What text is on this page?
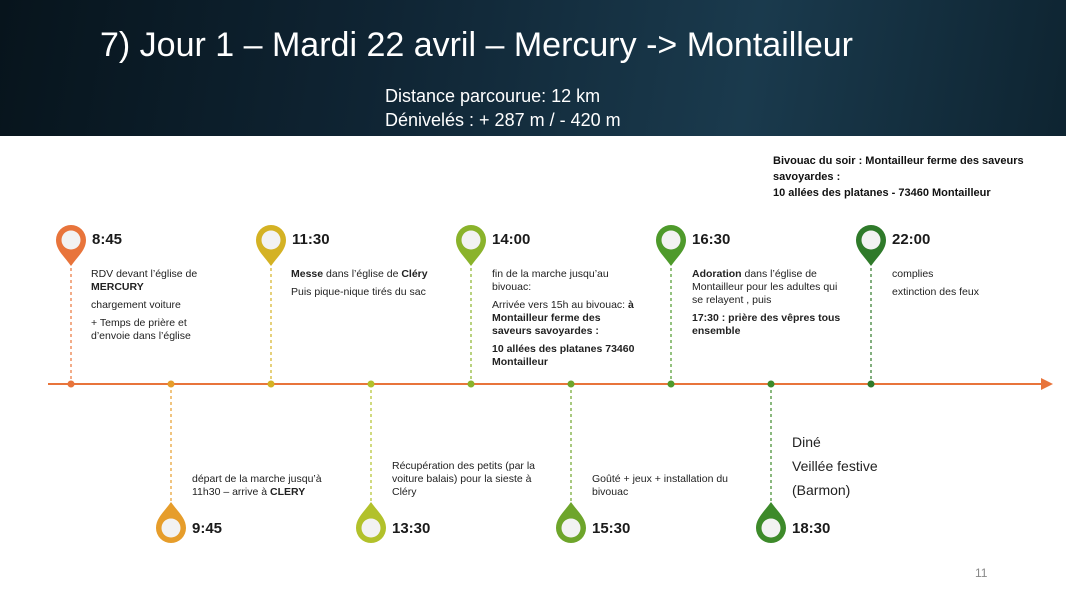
7) Jour 1 – Mardi 22 avril – Mercury -> Montailleur
Distance parcourue: 12 km
Dénivelés : + 287 m / - 420 m
Bivouac du soir : Montailleur ferme des saveurs savoyardes :
10 allées des platanes - 73460 Montailleur
8:45	11:30	14:00	16:30	22:00
9:45	13:30	15:30	18:30

RDV devant l’église de MERCURY

chargement voiture

+ Temps de prière et d’envoie dans l’église

Messe dans l’église de Cléry

Puis pique-nique tirés du sac

fin de la marche jusqu’au bivouac:

Arrivée vers 15h au bivouac: à Montailleur ferme des saveurs savoyardes :

10 allées des platanes 73460 Montailleur

Adoration dans l’église de Montailleur pour les adultes qui se relayent , puis

17:30 : prière des vêpres tous ensemble

complies

extinction des feux

départ de la marche jusqu’à 11h30 – arrive à CLERY

Récupération des petits (par la voiture balais) pour la sieste à Cléry

Goûté + jeux + installation du bivouac

Diné
Veillée festive
(Barmon)
11
